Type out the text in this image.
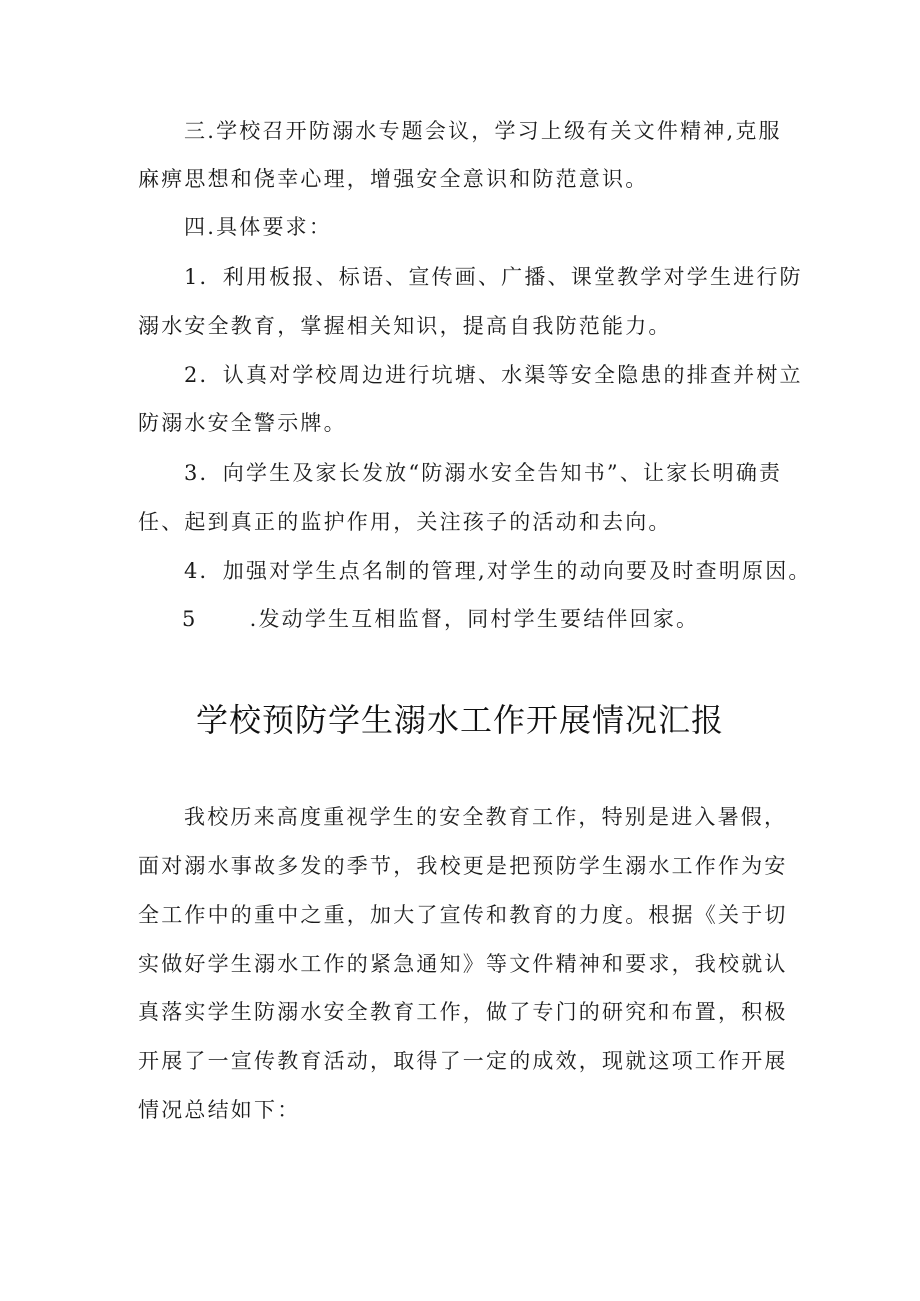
三.学校召开防溺水专题会议，学习上级有关文件精神,克服
麻痹思想和侥幸心理，增强安全意识和防范意识。
四.具体要求：
1．利用板报、标语、宣传画、广播、课堂教学对学生进行防
溺水安全教育，掌握相关知识，提高自我防范能力。
2．认真对学校周边进行坑塘、水渠等安全隐患的排查并树立
防溺水安全警示牌。
3．向学生及家长发放“防溺水安全告知书”、让家长明确责
任、起到真正的监护作用，关注孩子的活动和去向。
4．加强对学生点名制的管理,对学生的动向要及时查明原因。
5 .发动学生互相监督，同村学生要结伴回家。
学校预防学生溺水工作开展情况汇报
我校历来高度重视学生的安全教育工作，特别是进入暑假，
面对溺水事故多发的季节，我校更是把预防学生溺水工作作为安
全工作中的重中之重，加大了宣传和教育的力度。根据《关于切
实做好学生溺水工作的紧急通知》等文件精神和要求，我校就认
真落实学生防溺水安全教育工作，做了专门的研究和布置，积极
开展了一宣传教育活动，取得了一定的成效，现就这项工作开展
情况总结如下：
